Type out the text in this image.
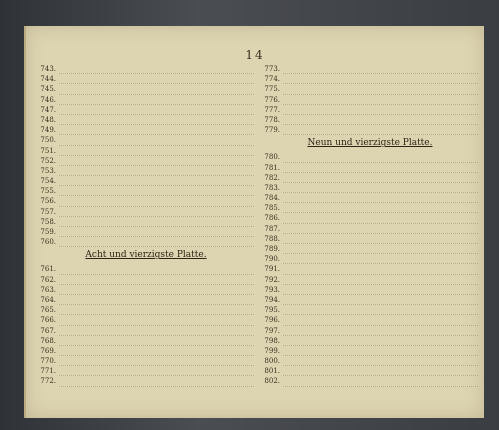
14
743.
744.
745.
746.
747.
748.
749.
750.
751.
752.
753.
754.
755.
756.
757.
758.
759.
760.
Acht und vierzigste Platte.
761.
762.
763.
764.
765.
766.
767.
768.
769.
770.
771.
772.
773.
774.
775.
776.
777.
778.
779.
Neun und vierzigste Platte.
780.
781.
782.
783.
784.
785.
786.
787.
788.
789.
790.
791.
792.
793.
794.
795.
796.
797.
798.
799.
800.
801.
802.
